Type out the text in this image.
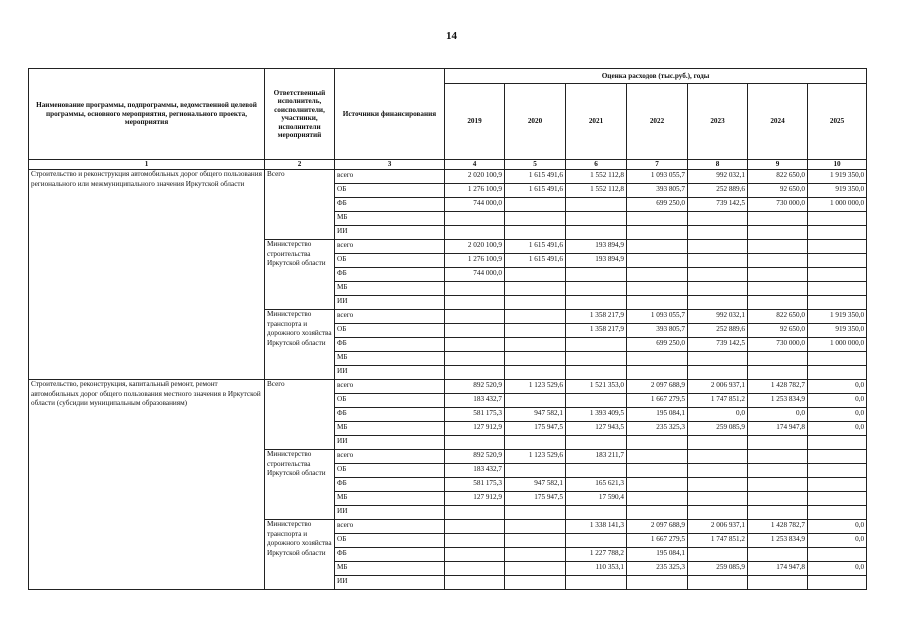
14
Наименование программы, подпрограммы, ведомственной целевой программы, основного мероприятия, регионального проекта, мероприятия	Ответственный исполнитель, соисполнители, участники, исполнители мероприятий	Источники финансирования	Оценка расходов (тыс.руб.), годы						
			2019	2020	2021	2022	2023	2024	2025
1	2	3	4	5	6	7	8	9	10
Строительство и реконструкция автомобильных дорог общего пользования регионального или межмуниципального значения Иркутской области	Всего	всего	2 020 100,9	1 615 491,6	1 552 112,8	1 093 055,7	992 032,1	822 650,0	1 919 350,0
		ОБ	1 276 100,9	1 615 491,6	1 552 112,8	393 805,7	252 889,6	92 650,0	919 350,0
		ФБ	744 000,0			699 250,0	739 142,5	730 000,0	1 000 000,0
		МБ							
		ИИ							
	Министерство строительства Иркутской области	всего	2 020 100,9	1 615 491,6	193 894,9				
		ОБ	1 276 100,9	1 615 491,6	193 894,9				
		ФБ	744 000,0						
		МБ							
		ИИ							
	Министерство транспорта и дорожного хозяйства Иркутской области	всего			1 358 217,9	1 093 055,7	992 032,1	822 650,0	1 919 350,0
		ОБ			1 358 217,9	393 805,7	252 889,6	92 650,0	919 350,0
		ФБ				699 250,0	739 142,5	730 000,0	1 000 000,0
		МБ							
		ИИ							
Строительство, реконструкция, капитальный ремонт, ремонт автомобильных дорог общего пользования местного значения в Иркутской области (субсидии муниципальным образованиям)	Всего	всего	892 520,9	1 123 529,6	1 521 353,0	2 097 688,9	2 006 937,1	1 428 782,7	0,0
		ОБ	183 432,7			1 667 279,5	1 747 851,2	1 253 834,9	0,0
		ФБ	581 175,3	947 582,1	1 393 409,5	195 084,1	0,0	0,0	0,0
		МБ	127 912,9	175 947,5	127 943,5	235 325,3	259 085,9	174 947,8	0,0
		ИИ							
	Министерство строительства Иркутской области	всего	892 520,9	1 123 529,6	183 211,7				
		ОБ	183 432,7						
		ФБ	581 175,3	947 582,1	165 621,3				
		МБ	127 912,9	175 947,5	17 590,4				
		ИИ							
	Министерство транспорта и дорожного хозяйства Иркутской области	всего			1 338 141,3	2 097 688,9	2 006 937,1	1 428 782,7	0,0
		ОБ				1 667 279,5	1 747 851,2	1 253 834,9	0,0
		ФБ			1 227 788,2	195 084,1			
		МБ			110 353,1	235 325,3	259 085,9	174 947,8	0,0
		ИИ							
